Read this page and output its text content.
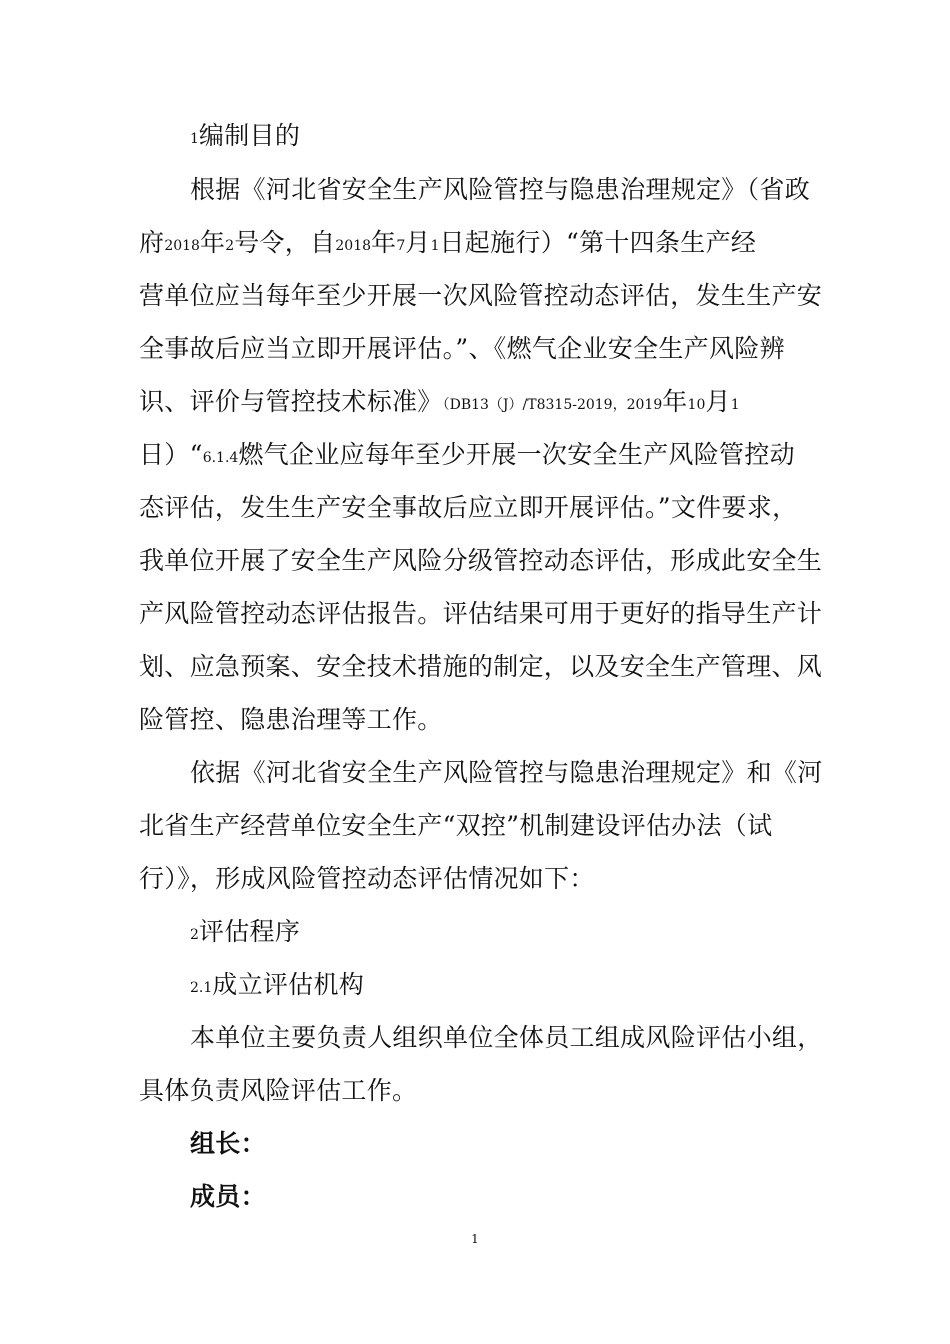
1编制目的
根据《河北省安全生产风险管控与隐患治理规定》（省政
府2018年2号令，自2018年7月1日起施行）“第十四条生产经
营单位应当每年至少开展一次风险管控动态评估，发生生产安
全事故后应当立即开展评估。”、《燃气企业安全生产风险辨
识、评价与管控技术标准》（DB13（J）/T8315-2019，2019年10月1
日）“6.1.4燃气企业应每年至少开展一次安全生产风险管控动
态评估，发生生产安全事故后应立即开展评估。”文件要求，
我单位开展了安全生产风险分级管控动态评估，形成此安全生
产风险管控动态评估报告。评估结果可用于更好的指导生产计
划、应急预案、安全技术措施的制定，以及安全生产管理、风
险管控、隐患治理等工作。
依据《河北省安全生产风险管控与隐患治理规定》和《河
北省生产经营单位安全生产“双控”机制建设评估办法（试
行）》，形成风险管控动态评估情况如下：
2评估程序
2.1成立评估机构
本单位主要负责人组织单位全体员工组成风险评估小组，
具体负责风险评估工作。
组长：
成员：
1
